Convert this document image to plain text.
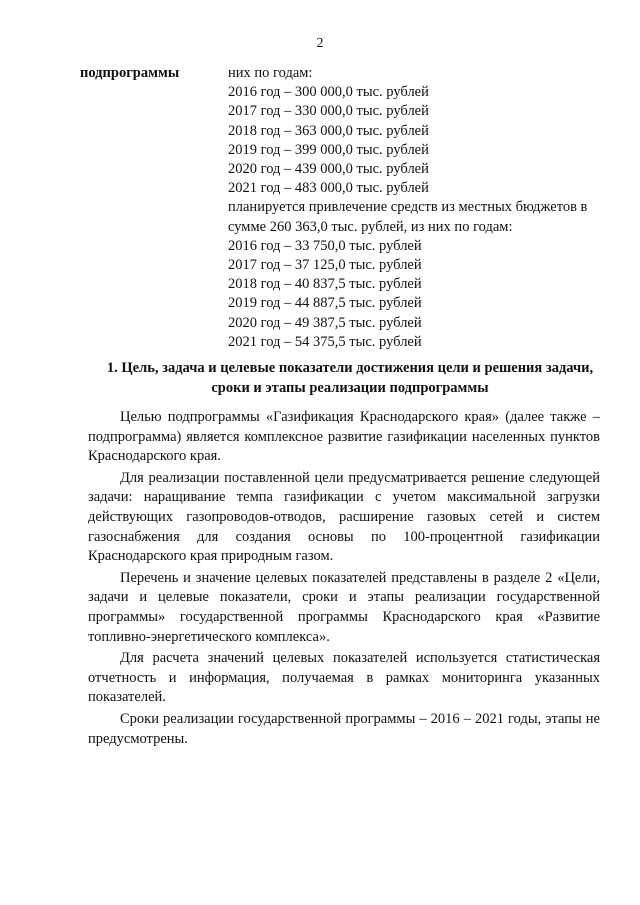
2
подпрограммы	них по годам:
2016 год – 300 000,0 тыс. рублей
2017 год – 330 000,0 тыс. рублей
2018 год – 363 000,0 тыс. рублей
2019 год – 399 000,0 тыс. рублей
2020 год – 439 000,0 тыс. рублей
2021 год – 483 000,0 тыс. рублей
планируется привлечение средств из местных бюджетов в сумме 260 363,0 тыс. рублей, из них по годам:
2016 год – 33 750,0 тыс. рублей
2017 год – 37 125,0 тыс. рублей
2018 год – 40 837,5 тыс. рублей
2019 год – 44 887,5 тыс. рублей
2020 год – 49 387,5 тыс. рублей
2021 год – 54 375,5 тыс. рублей
1. Цель, задача и целевые показатели достижения цели и решения задачи, сроки и этапы реализации подпрограммы

Целью подпрограммы «Газификация Краснодарского края» (далее также – подпрограмма) является комплексное развитие газификации населенных пунктов Краснодарского края.

Для реализации поставленной цели предусматривается решение следующей задачи: наращивание темпа газификации с учетом максимальной загрузки действующих газопроводов-отводов, расширение газовых сетей и систем газоснабжения для создания основы по 100-процентной газификации Краснодарского края природным газом.

Перечень и значение целевых показателей представлены в разделе 2 «Цели, задачи и целевые показатели, сроки и этапы реализации государственной программы» государственной программы Краснодарского края «Развитие топливно-энергетического комплекса».

Для расчета значений целевых показателей используется статистическая отчетность и информация, получаемая в рамках мониторинга указанных показателей.

Сроки реализации государственной программы – 2016 – 2021 годы, этапы не предусмотрены.
